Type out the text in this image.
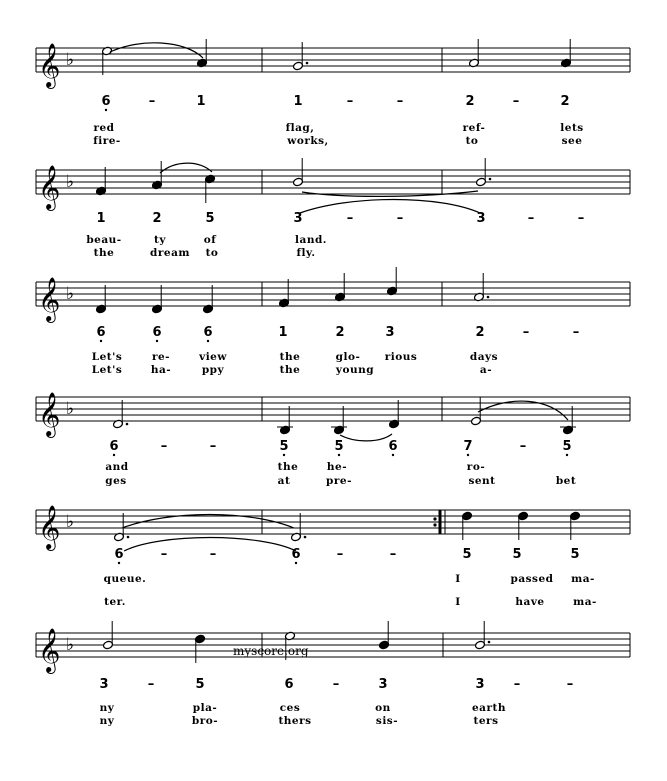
𝄞 ♭
6	–	1	1	–	–	2	–	2
red	flag,	ref-	lets
fire-	works,	to	see
𝄞 ♭
1	2	5	3	–	–	3	–	–
beau-	ty	of	land.
the	dream to	fly.
𝄞 ♭
6	6	6	1	2	3	2	–	–
Let's	re-	view	the	glo- rious	days
Let's	ha-	ppy	the	young	a-
𝄞 ♭
6	–	–	5	5	6	7	–	5
and	the	he-	ro-
ges	at	pre-	sent	bet
𝄞 ♭
6	–	–	6	–	–	5	5	5
queue.	I	passed ma-
ter.	I	have	ma-
𝄞 ♭
3	–	5	6	–	3	3 –	–
ny	pla-	ces	on	earth
ny	bro-	thers	sis-	ters
myscore.org
